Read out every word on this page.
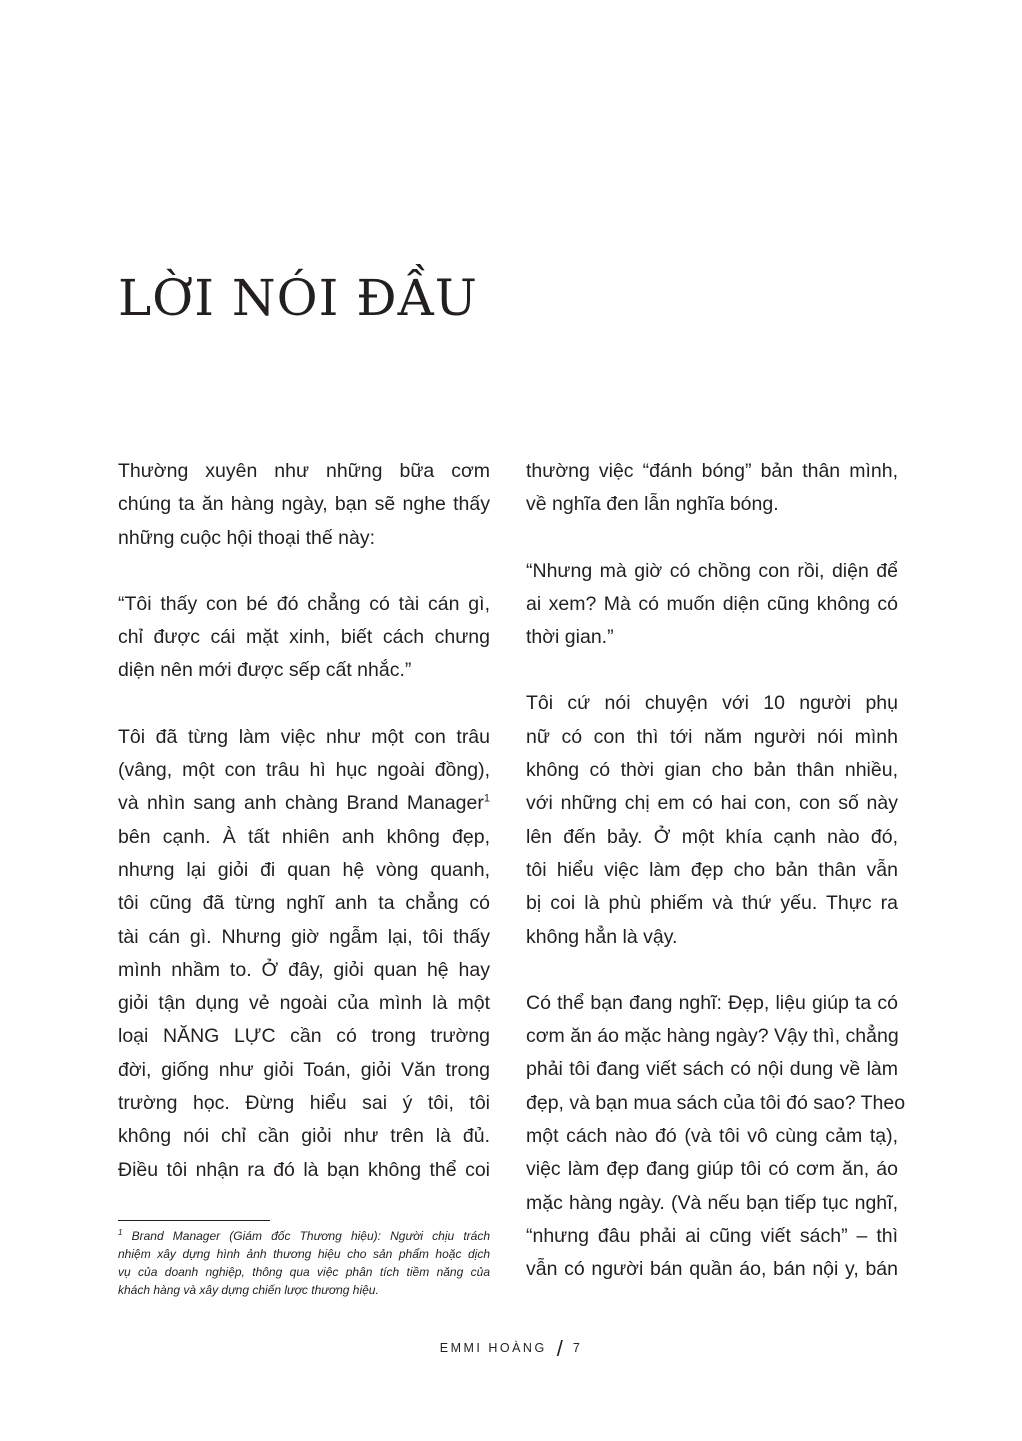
LỜI NÓI ĐẦU

Thường xuyên như những bữa cơm
chúng ta ăn hàng ngày, bạn sẽ nghe thấy
những cuộc hội thoại thế này:

“Tôi thấy con bé đó chẳng có tài cán gì,
chỉ được cái mặt xinh, biết cách chưng
diện nên mới được sếp cất nhắc.”

Tôi đã từng làm việc như một con trâu
(vâng, một con trâu hì hục ngoài đồng),
và nhìn sang anh chàng Brand Manager$^1$
bên cạnh. À tất nhiên anh không đẹp,
nhưng lại giỏi đi quan hệ vòng quanh,
tôi cũng đã từng nghĩ anh ta chẳng có
tài cán gì. Nhưng giờ ngẫm lại, tôi thấy
mình nhầm to. Ở đây, giỏi quan hệ hay
giỏi tận dụng vẻ ngoài của mình là một
loại NĂNG LỰC cần có trong trường
đời, giống như giỏi Toán, giỏi Văn trong
trường học. Đừng hiểu sai ý tôi, tôi
không nói chỉ cần giỏi như trên là đủ.
Điều tôi nhận ra đó là bạn không thể coi

thường việc “đánh bóng” bản thân mình,
về nghĩa đen lẫn nghĩa bóng.

“Nhưng mà giờ có chồng con rồi, diện để
ai xem? Mà có muốn diện cũng không có
thời gian.”

Tôi cứ nói chuyện với 10 người phụ
nữ có con thì tới năm người nói mình
không có thời gian cho bản thân nhiều,
với những chị em có hai con, con số này
lên đến bảy. Ở một khía cạnh nào đó,
tôi hiểu việc làm đẹp cho bản thân vẫn
bị coi là phù phiếm và thứ yếu. Thực ra
không hẳn là vậy.

Có thể bạn đang nghĩ: Đẹp, liệu giúp ta có
cơm ăn áo mặc hàng ngày? Vậy thì, chẳng
phải tôi đang viết sách có nội dung về làm
đẹp, và bạn mua sách của tôi đó sao? Theo
một cách nào đó (và tôi vô cùng cảm tạ),
việc làm đẹp đang giúp tôi có cơm ăn, áo
mặc hàng ngày. (Và nếu bạn tiếp tục nghĩ,
“nhưng đâu phải ai cũng viết sách” – thì
vẫn có người bán quần áo, bán nội y, bán

$^1$ Brand Manager (Giám đốc Thương hiệu): Người chịu trách
nhiệm xây dựng hình ảnh thương hiệu cho sản phẩm hoặc dịch
vụ của doanh nghiệp, thông qua việc phân tích tiềm năng của
khách hàng và xây dựng chiến lược thương hiệu.
EMMI HOÀNG / 7
